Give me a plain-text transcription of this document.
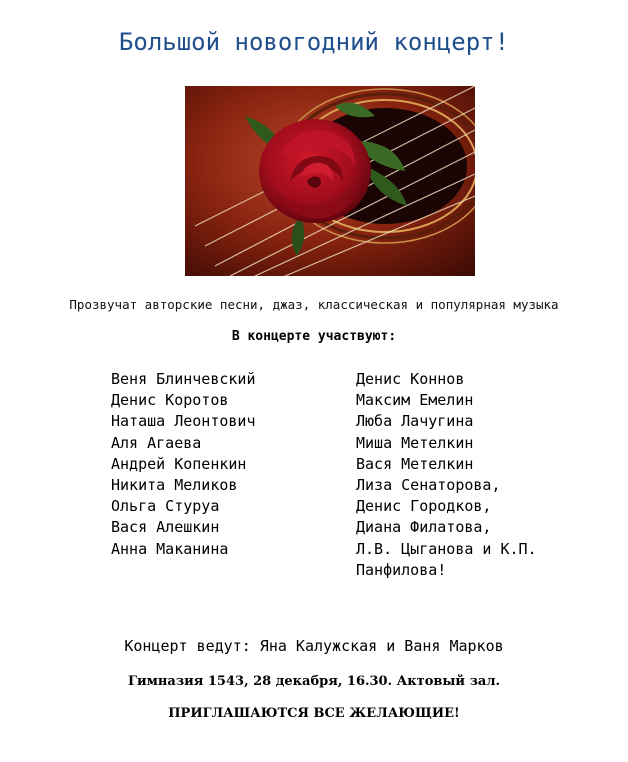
Большой новогодний концерт!
Прозвучат авторские песни, джаз, классическая и популярная музыка
В концерте участвуют:
Веня Блинчевский
Денис Коротов
Наташа Леонтович
Аля Агаева
Андрей Копенкин
Никита Меликов
Ольга Стуруа
Вася Алешкин
Анна Маканина
Денис Коннов
Максим Емелин
Люба Лачугина
Миша Метелкин
Вася Метелкин
Лиза Сенаторова,
Денис Городков,
Диана Филатова,
Л.В. Цыганова и К.П. Панфилова!
Концерт ведут: Яна Калужская и Ваня Марков
Гимназия 1543, 28 декабря, 16.30. Актовый зал.
ПРИГЛАШАЮТСЯ ВСЕ ЖЕЛАЮЩИЕ!
